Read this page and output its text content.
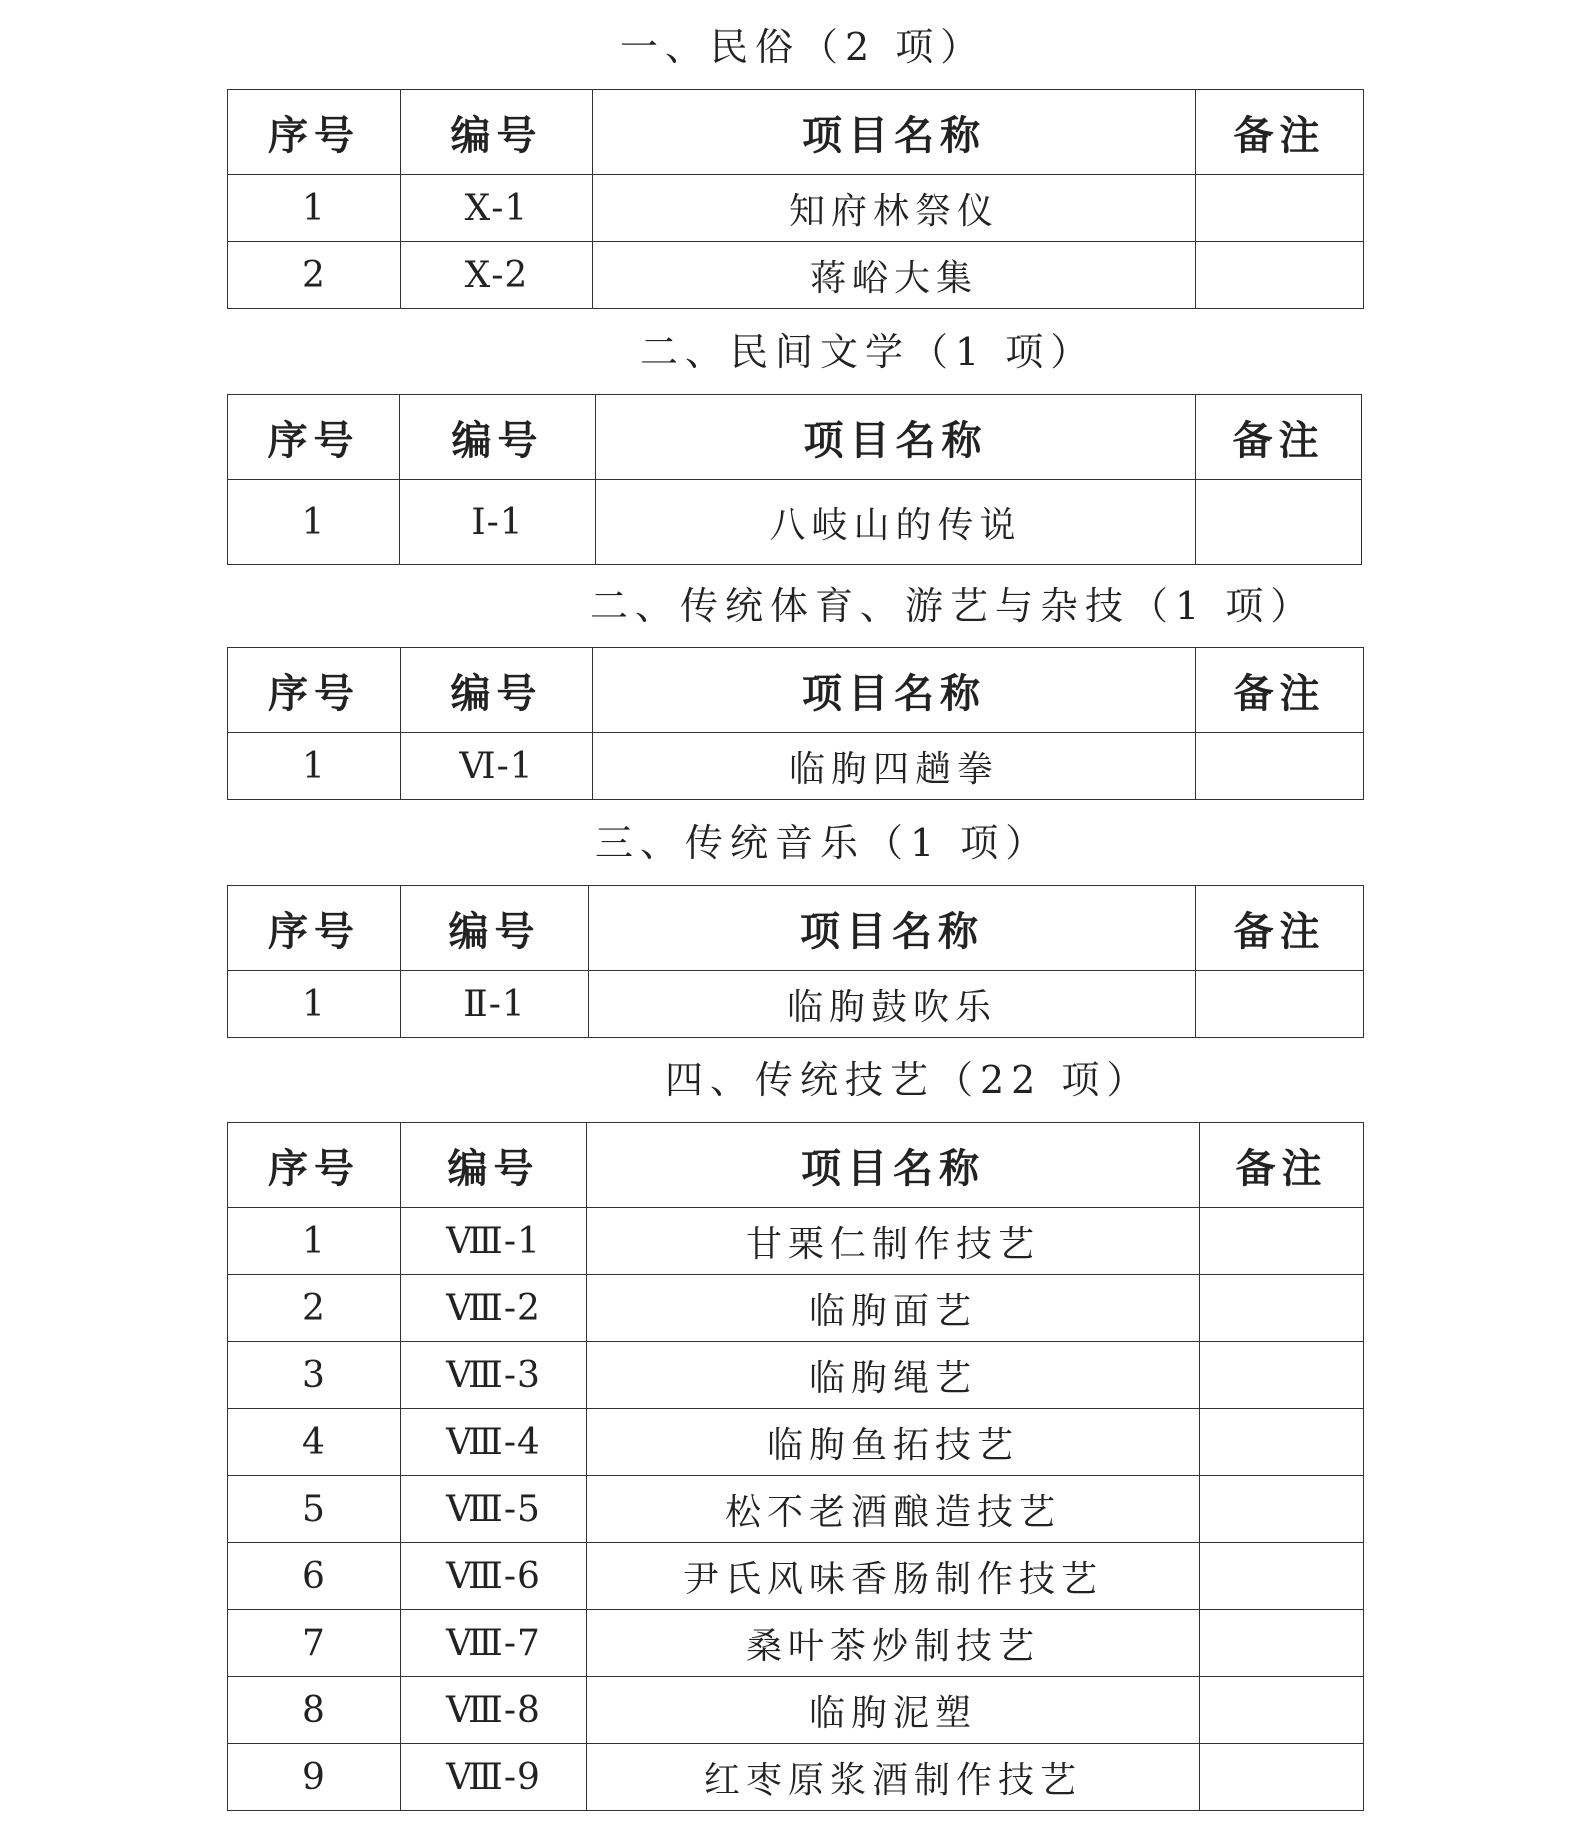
一、民俗（2 项）
序号	编号	项目名称	备注
1	Ⅹ-1	知府林祭仪	
2	Ⅹ-2	蒋峪大集	
二、民间文学（1 项）
序号	编号	项目名称	备注
1	Ⅰ-1	八岐山的传说	
二、传统体育、游艺与杂技（1 项）
序号	编号	项目名称	备注
1	Ⅵ-1	临朐四趟拳	
三、传统音乐（1 项）
序号	编号	项目名称	备注
1	Ⅱ-1	临朐鼓吹乐	
四、传统技艺（22 项）
序号	编号	项目名称	备注
1	Ⅷ-1	甘栗仁制作技艺	
2	Ⅷ-2	临朐面艺	
3	Ⅷ-3	临朐绳艺	
4	Ⅷ-4	临朐鱼拓技艺	
5	Ⅷ-5	松不老酒酿造技艺	
6	Ⅷ-6	尹氏风味香肠制作技艺	
7	Ⅷ-7	桑叶茶炒制技艺	
8	Ⅷ-8	临朐泥塑	
9	Ⅷ-9	红枣原浆酒制作技艺	
